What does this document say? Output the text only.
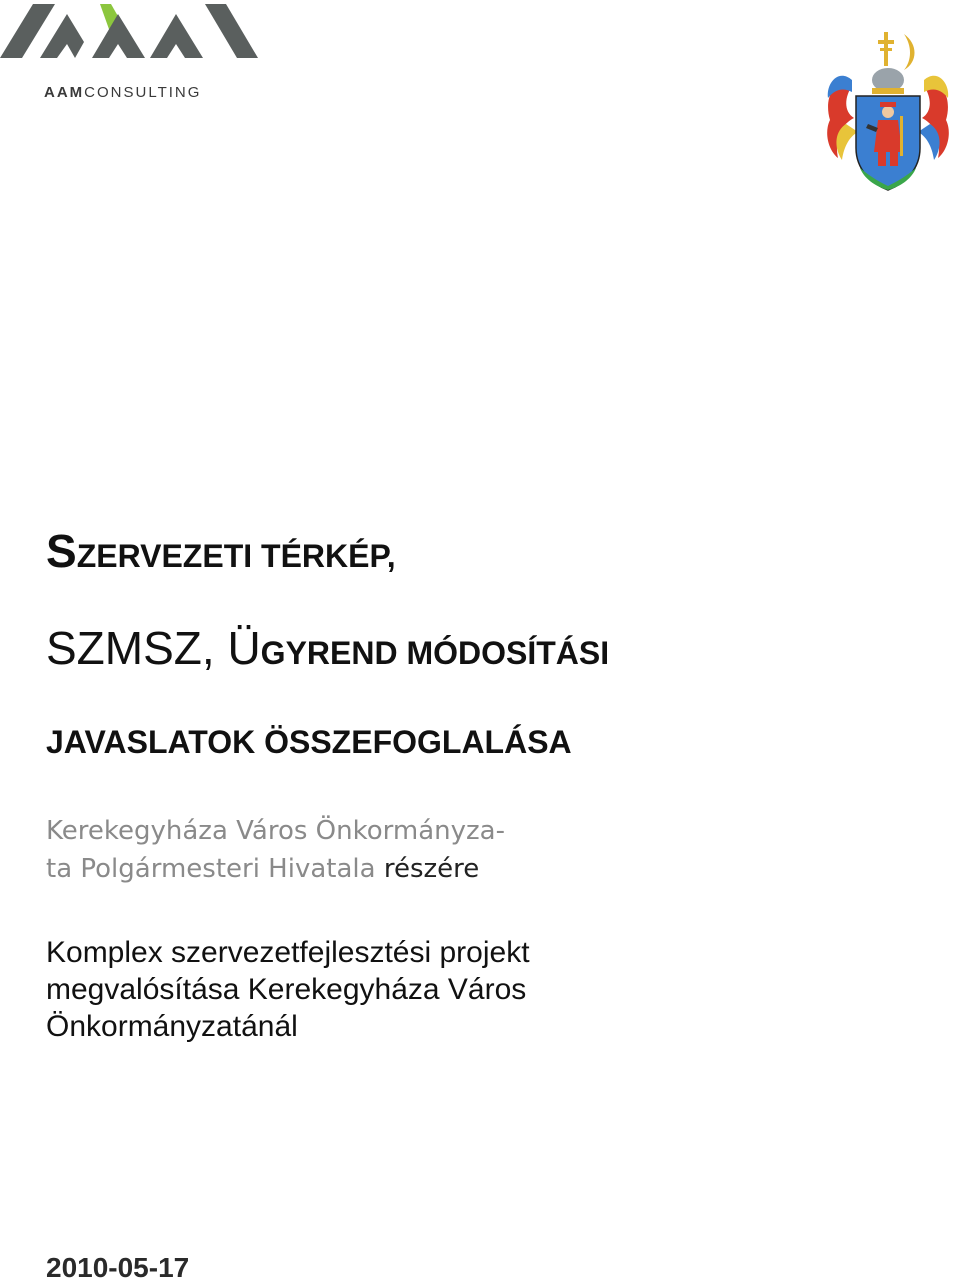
AAMCONSULTING
SZERVEZETI TÉRKÉP,
SZMSZ, ÜGYREND MÓDOSÍTÁSI
JAVASLATOK ÖSSZEFOGLALÁSA
Kerekegyháza Város Önkormányza-
ta Polgármesteri Hivatala részére
Komplex szervezetfejlesztési projekt
megvalósítása Kerekegyháza Város
Önkormányzatánál
2010-05-17
